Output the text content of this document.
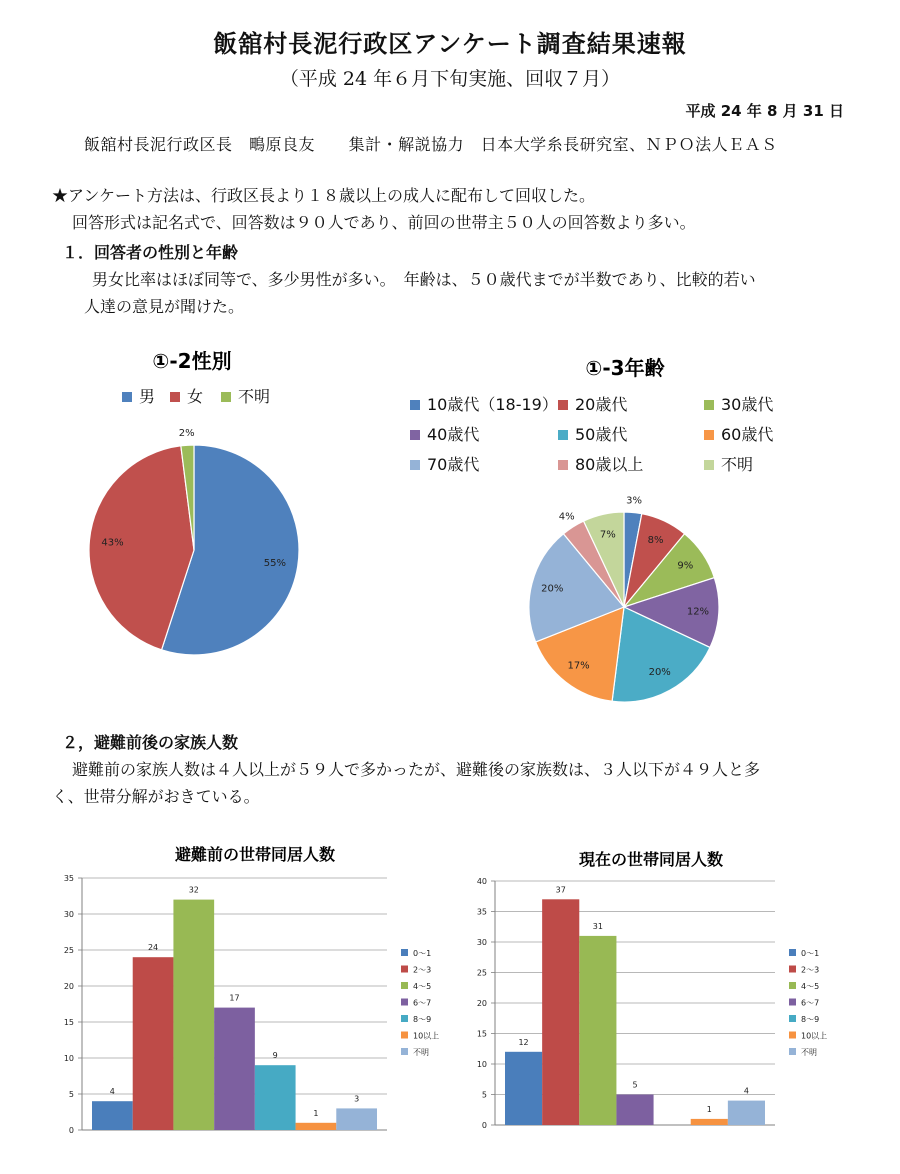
飯舘村長泥行政区アンケート調査結果速報
（平成 24 年６月下旬実施、回収７月）
平成 24 年 8 月 31 日
飯舘村長泥行政区長　鴫原良友 集計・解説協力　日本大学糸長研究室、ＮＰＯ法人ＥＡＳ
★アンケート方法は、行政区長より１８歳以上の成人に配布して回収した。
回答形式は記名式で、回答数は９０人であり、前回の世帯主５０人の回答数より多い。
１．回答者の性別と年齢
男女比率はほぼ同等で、多少男性が多い。　年齢は、５０歳代までが半数であり、比較的若い
人達の意見が聞けた。
２，避難前後の家族人数
避難前の家族人数は４人以上が５９人で多かったが、避難後の家族数は、３人以下が４９人と多
く、世帯分解がおきている。
①-2性別
男 女 不明
55%
43%
2%
①-3年齢
10歳代（18-19） 20歳代	30歳代
40歳代	50歳代	60歳代
70歳代	80歳以上	不明
3%
8%
9%
12%
20%
17%
20%
4%
7%
避難前の世帯同居人数
0
5
10
15
20
25
30
35
4
24
32
17
9
1
3
0～1
2～3
4～5
6～7
8～9
10以上
不明
現在の世帯同居人数
0
5
10
15
20
25
30
35
40
12
37
31
5
1
4
0～1
2～3
4～5
6～7
8～9
10以上
不明
